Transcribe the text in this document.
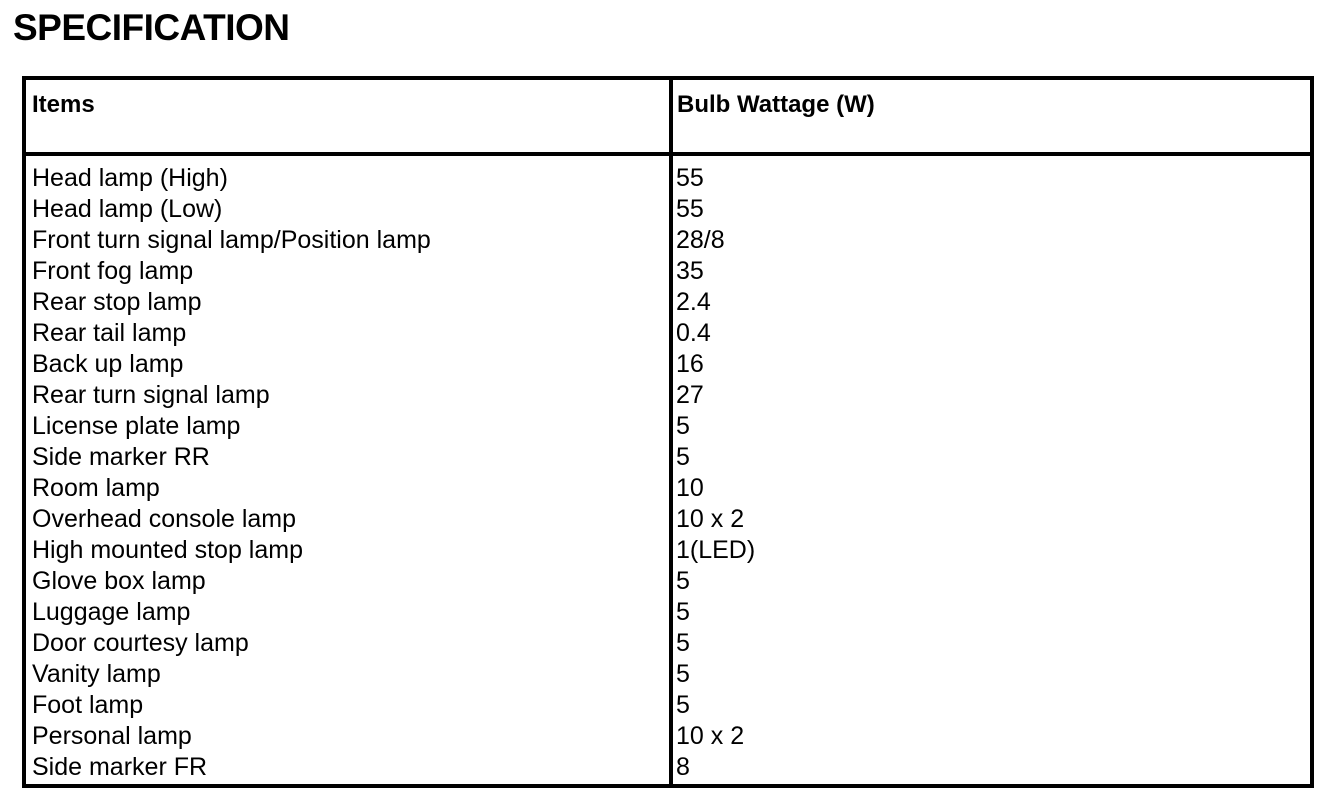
SPECIFICATION
Items	Bulb Wattage (W)
Head lamp (High)	55
Head lamp (Low)	55
Front turn signal lamp/Position lamp	28/8
Front fog lamp	35
Rear stop lamp	2.4
Rear tail lamp	0.4
Back up lamp	16
Rear turn signal lamp	27
License plate lamp	5
Side marker RR	5
Room lamp	10
Overhead console lamp	10 x 2
High mounted stop lamp	1(LED)
Glove box lamp	5
Luggage lamp	5
Door courtesy lamp	5
Vanity lamp	5
Foot lamp	5
Personal lamp	10 x 2
Side marker FR	8
